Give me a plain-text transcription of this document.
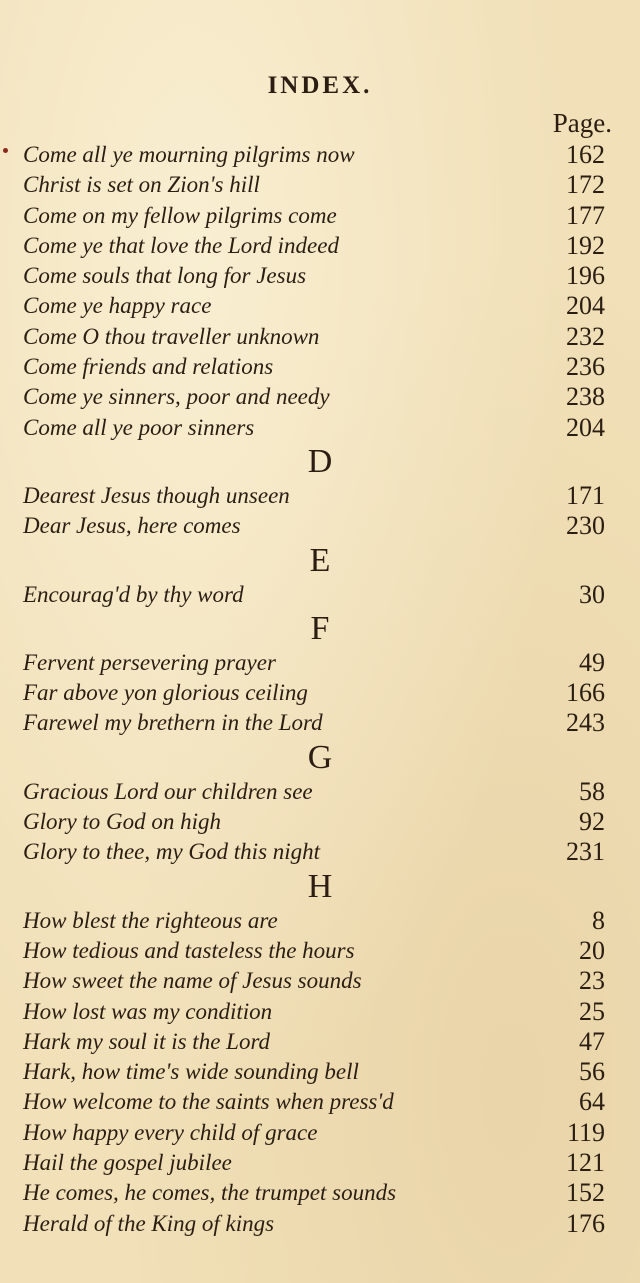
INDEX.
Page.
Come all ye mourning pilgrims now	162
Christ is set on Zion's hill	172
Come on my fellow pilgrims come	177
Come ye that love the Lord indeed	192
Come souls that long for Jesus	196
Come ye happy race	204
Come O thou traveller unknown	232
Come friends and relations	236
Come ye sinners, poor and needy	238
Come all ye poor sinners	204
D
Dearest Jesus though unseen	171
Dear Jesus, here comes	230
E
Encourag'd by thy word	30
F
Fervent persevering prayer	49
Far above yon glorious ceiling	166
Farewel my brethern in the Lord	243
G
Gracious Lord our children see	58
Glory to God on high	92
Glory to thee, my God this night	231
H
How blest the righteous are	8
How tedious and tasteless the hours	20
How sweet the name of Jesus sounds	23
How lost was my condition	25
Hark my soul it is the Lord	47
Hark, how time's wide sounding bell	56
How welcome to the saints when press'd	64
How happy every child of grace	119
Hail the gospel jubilee	121
He comes, he comes, the trumpet sounds	152
Herald of the King of kings	176
